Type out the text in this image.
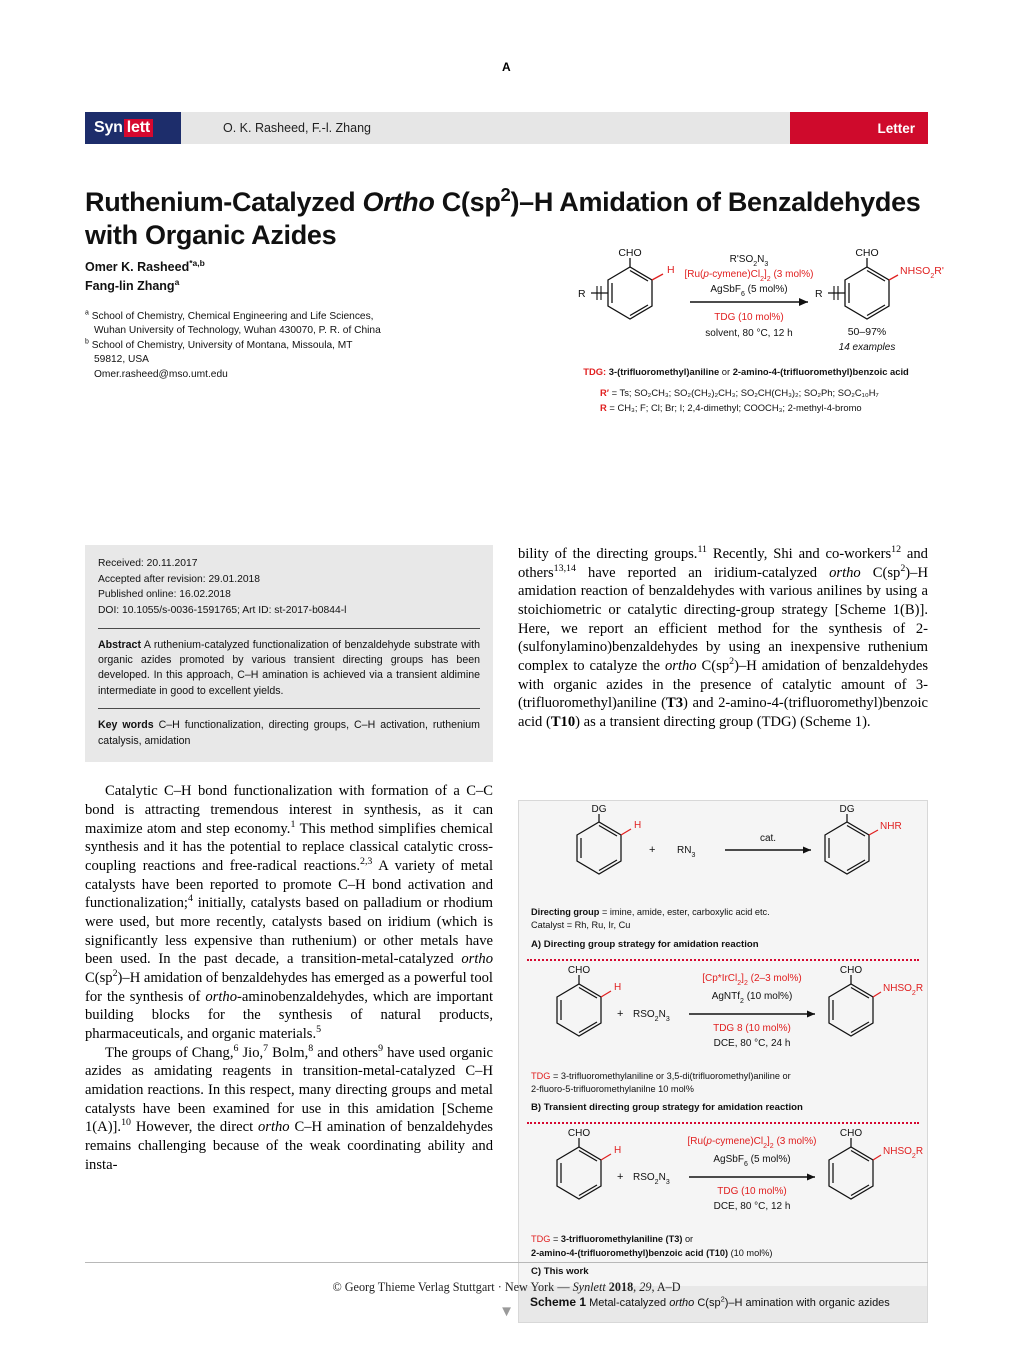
A
Syn lett	O. K. Rasheed, F.-l. Zhang	Letter
Ruthenium-Catalyzed Ortho $C(sp^2)-H$ Amidation of Benzaldehydes
with Organic Azides
Omer K. Rasheed$^{*a,b}$
Fang-lin Zhang$^a$
$^a$ School of Chemistry, Chemical Engineering and Life Sciences,
Wuhan University of Technology, Wuhan 430070, P. R. of China
$^b$ School of Chemistry, University of Montana, Missoula, MT
59812, USA
Omer.rasheed@mso.umt.edu
CHO
H
R
$R'SO_2N_3$
$[Ru(p-cymene)Cl_2]_2$ (3 mol%)
AgSbF$_6$ (5 mol%)
TDG (10 mol%)
solvent, 80 °C, 12 h
CHO
$NHSO_2R'$
R
50–97%
14 examples
TDG: 3-(trifluoromethyl)aniline or 2-amino-4-(trifluoromethyl)benzoic acid
R′ = Ts; SO₂CH₃; SO₂(CH₂)₂CH₃; SO₂CH(CH₃)₂; SO₂Ph; SO₂C₁₀H₇
R = CH₃; F; Cl; Br; I; 2,4-dimethyl; COOCH₃; 2-methyl-4-bromo
Received: 20.11.2017
Accepted after revision: 29.01.2018
Published online: 16.02.2018
DOI: 10.1055/s-0036-1591765; Art ID: st-2017-b0844-l
Abstract A ruthenium-catalyzed functionalization of benzaldehyde substrate with organic azides promoted by various transient directing groups has been developed. In this approach, C–H amination is achieved via a transient aldimine intermediate in good to excellent yields.
Key words C–H functionalization, directing groups, C–H activation, ruthenium catalysis, amidation

Catalytic C–H bond functionalization with formation of a C–C bond is attracting tremendous interest in synthesis, as it can maximize atom and step economy.$^1$ This method simplifies chemical synthesis and it has the potential to replace classical catalytic cross-coupling reactions and free-radical reactions.$^{2,3}$ A variety of metal catalysts have been reported to promote C–H bond activation and functionalization;$^4$ initially, catalysts based on palladium or rhodium were used, but more recently, catalysts based on iridium (which is significantly less expensive than ruthenium) or other metals have been used. In the past decade, a transition-metal-catalyzed ortho $C(sp^2)-H$ amidation of benzaldehydes has emerged as a powerful tool for the synthesis of ortho-aminobenzaldehydes, which are important building blocks for the synthesis of natural products, pharmaceuticals, and organic materials.$^5$

The groups of Chang,$^6$ Jio,$^7$ Bolm,$^8$ and others$^9$ have used organic azides as amidating reagents in transition-metal-catalyzed C–H amidation reactions. In this respect, many directing groups and metal catalysts have been examined for use in this amidation [Scheme 1(A)].$^{10}$ However, the direct ortho C–H amination of benzaldehydes remains challenging because of the weak coordinating ability and insta-

bility of the directing groups.$^{11}$ Recently, Shi and co-workers$^{12}$ and others$^{13,14}$ have reported an iridium-catalyzed ortho $C(sp^2)-H$ amidation reaction of benzaldehydes with various anilines by using a stoichiometric or catalytic directing-group strategy [Scheme 1(B)]. Here, we report an efficient method for the synthesis of 2-(sulfonylamino)benzaldehydes by using an inexpensive ruthenium complex to catalyze the ortho $C(sp^2)-H$ amidation of benzaldehydes with organic azides in the presence of catalytic amount of 3-(trifluoromethyl)aniline (T3) and 2-amino-4-(trifluoromethyl)benzoic acid (T10) as a transient directing group (TDG) (Scheme 1).

DG
H
+ $RN_3$
cat.
DG
NHR
Directing group = imine, amide, ester, carboxylic acid etc.
Catalyst = Rh, Ru, Ir, Cu
A) Directing group strategy for amidation reaction
CHO
H
+ $RSO_2N_3$
$[Cp*IrCl_2]_2$ (2–3 mol%)
AgNTf$_2$ (10 mol%)
TDG 8 (10 mol%)
DCE, 80 °C, 24 h
CHO
$NHSO_2R$
TDG = 3-trifluoromethylaniline or 3,5-di(trifluoromethyl)aniline or
2-fluoro-5-trifluoromethylanilne 10 mol%
B) Transient directing group strategy for amidation reaction
CHO
H
+ $RSO_2N_3$
$[Ru(p-cymene)Cl_2]_2$ (3 mol%)
AgSbF$_6$ (5 mol%)
TDG (10 mol%)
DCE, 80 °C, 12 h
CHO
$NHSO_2R$
TDG = 3-trifluoromethylaniline (T3) or
2-amino-4-(trifluoromethyl)benzoic acid (T10) (10 mol%)
C) This work
Scheme 1 Metal-catalyzed ortho $C(sp^2)-H$ amination with organic azides
© Georg Thieme Verlag Stuttgart · New York — Synlett 2018, 29, A–D
▼
